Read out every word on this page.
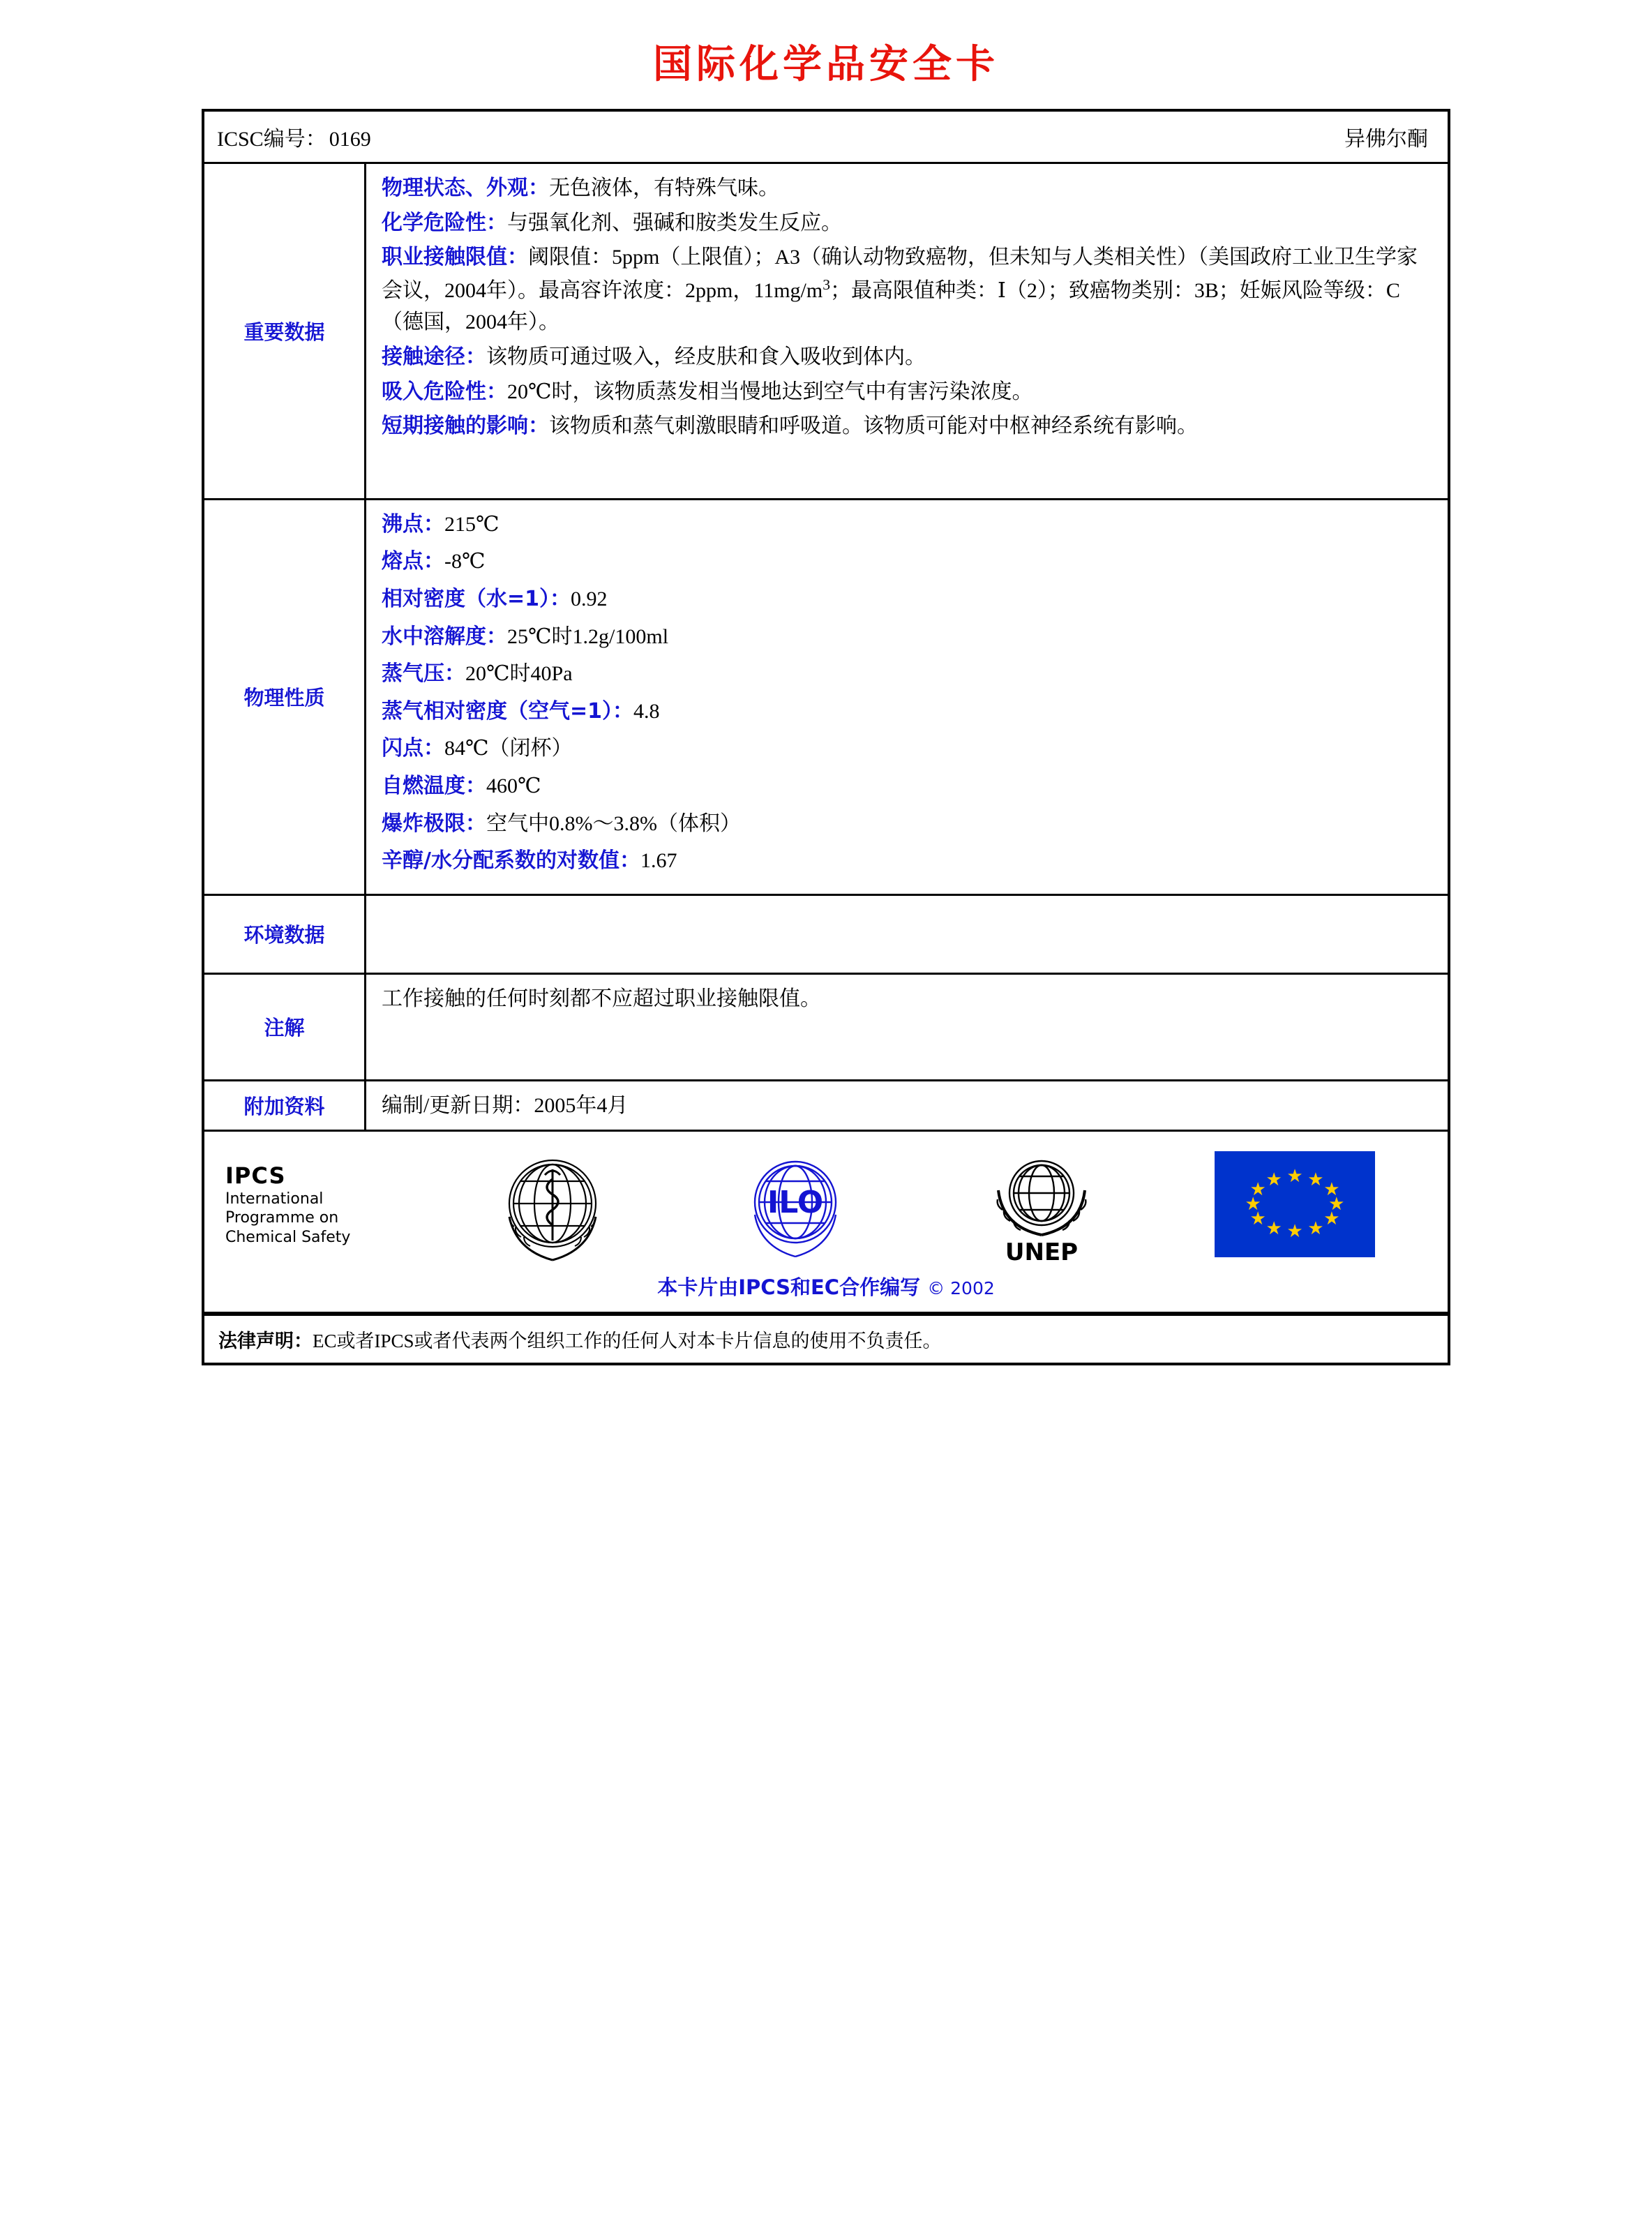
国际化学品安全卡
ICSC编号： 0169	异佛尔酮
重要数据

物理状态、外观：无色液体，有特殊气味。

化学危险性：与强氧化剂、强碱和胺类发生反应。

职业接触限值：阈限值：5ppm（上限值）；A3（确认动物致癌物，但未知与人类相关性）（美国政府工业卫生学家会议，2004年）。最高容许浓度：2ppm，11mg/m$^3$；最高限值种类：Ⅰ（2）；致癌物类别：3B；妊娠风险等级：C（德国，2004年）。

接触途径：该物质可通过吸入，经皮肤和食入吸收到体内。

吸入危险性：20℃时，该物质蒸发相当慢地达到空气中有害污染浓度。

短期接触的影响：该物质和蒸气刺激眼睛和呼吸道。该物质可能对中枢神经系统有影响。

物理性质

沸点：215℃

熔点：-8℃

相对密度（水=1）：0.92

水中溶解度：25℃时1.2g/100ml

蒸气压：20℃时40Pa

蒸气相对密度（空气=1）：4.8

闪点：84℃（闭杯）

自燃温度：460℃

爆炸极限：空气中0.8%～3.8%（体积）

辛醇/水分配系数的对数值：1.67

环境数据
注解
工作接触的任何时刻都不应超过职业接触限值。
附加资料	编制/更新日期：2005年4月
IPCS
International
Programme on
Chemical Safety
ILO
UNEP
★ ★ ★
★
★
★
★
★
★
★
★ ★
本卡片由IPCS和EC合作编写 © 2002
法律声明：EC或者IPCS或者代表两个组织工作的任何人对本卡片信息的使用不负责任。
